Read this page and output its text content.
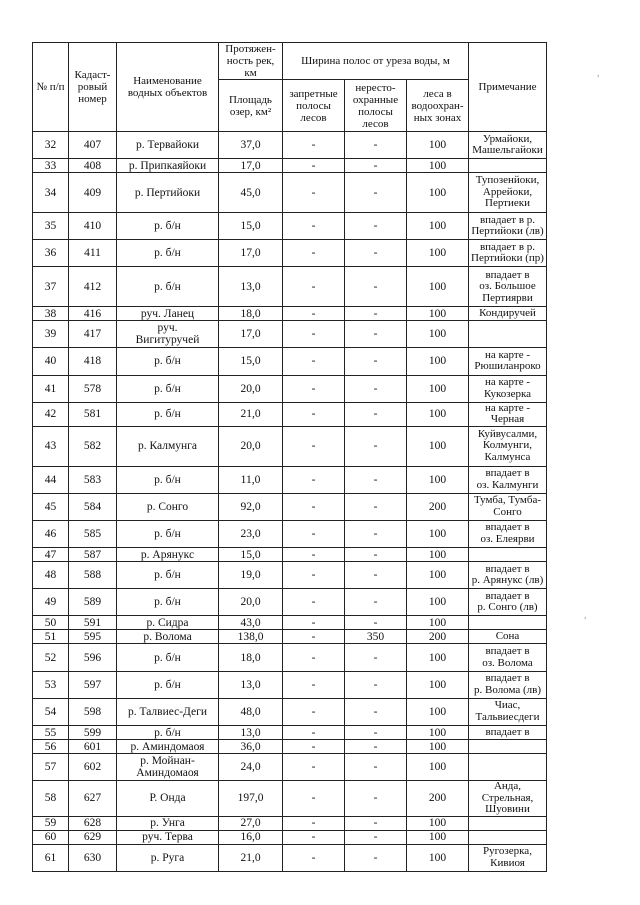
№ п/п	Кадаст-ровый номер	Наименование водных объектов	Протяжен-ность рек, км	Ширина полос от уреза воды, м			Примечание
			Площадь озер, км²	запретные полосы лесов	нересто-охранные полосы лесов	леса в водоохран-ных зонах	
32	407	р. Тервайоки	37,0	-	-	100	Урмайоки,
Машельгайоки
33	408	р. Припкаяйоки	17,0	-	-	100	
34	409	р. Пертийоки	45,0	-	-	100	Тупозенйоки,
Аррейоки,
Пертиеки
35	410	р. б/н	15,0	-	-	100	впадает в р.
Пертийоки (лв)
36	411	р. б/н	17,0	-	-	100	впадает в р.
Пертийоки (пр)
37	412	р. б/н	13,0	-	-	100	впадает в
оз. Большое
Пертиярви
38	416	руч. Ланец	18,0	-	-	100	Кондиручей
39	417	руч.
Вигитуручей	17,0	-	-	100	
40	418	р. б/н	15,0	-	-	100	на карте -
Рюшиланроко
41	578	р. б/н	20,0	-	-	100	на карте -
Кукозерка
42	581	р. б/н	21,0	-	-	100	на карте - Черная
43	582	р. Калмунга	20,0	-	-	100	Куйвусалми,
Колмунги,
Калмунса
44	583	р. б/н	11,0	-	-	100	впадает в
оз. Калмунги
45	584	р. Сонго	92,0	-	-	200	Тумба, Тумба-
Сонго
46	585	р. б/н	23,0	-	-	100	впадает в
оз. Елеярви
47	587	р. Арянукс	15,0	-	-	100	
48	588	р. б/н	19,0	-	-	100	впадает в
р. Арянукс (лв)
49	589	р. б/н	20,0	-	-	100	впадает в
р. Сонго (лв)
50	591	р. Сидра	43,0	-	-	100	
51	595	р. Волома	138,0	-	350	200	Сона
52	596	р. б/н	18,0	-	-	100	впадает в
оз. Волома
53	597	р. б/н	13,0	-	-	100	впадает в
р. Волома (лв)
54	598	р. Талвиес-Деги	48,0	-	-	100	Чиас,
Тальвиесдеги
55	599	р. б/н	13,0	-	-	100	впадает в
56	601	р. Аминдомаоя	36,0	-	-	100	
57	602	р. Мойнан-
Аминдомаоя	24,0	-	-	100	
58	627	Р. Онда	197,0	-	-	200	Анда, Стрельная,
Шуовини
59	628	р. Унга	27,0	-	-	100	
60	629	руч. Терва	16,0	-	-	100	
61	630	р. Руга	21,0	-	-	100	Ругозерка,
Кивиоя
,
,
